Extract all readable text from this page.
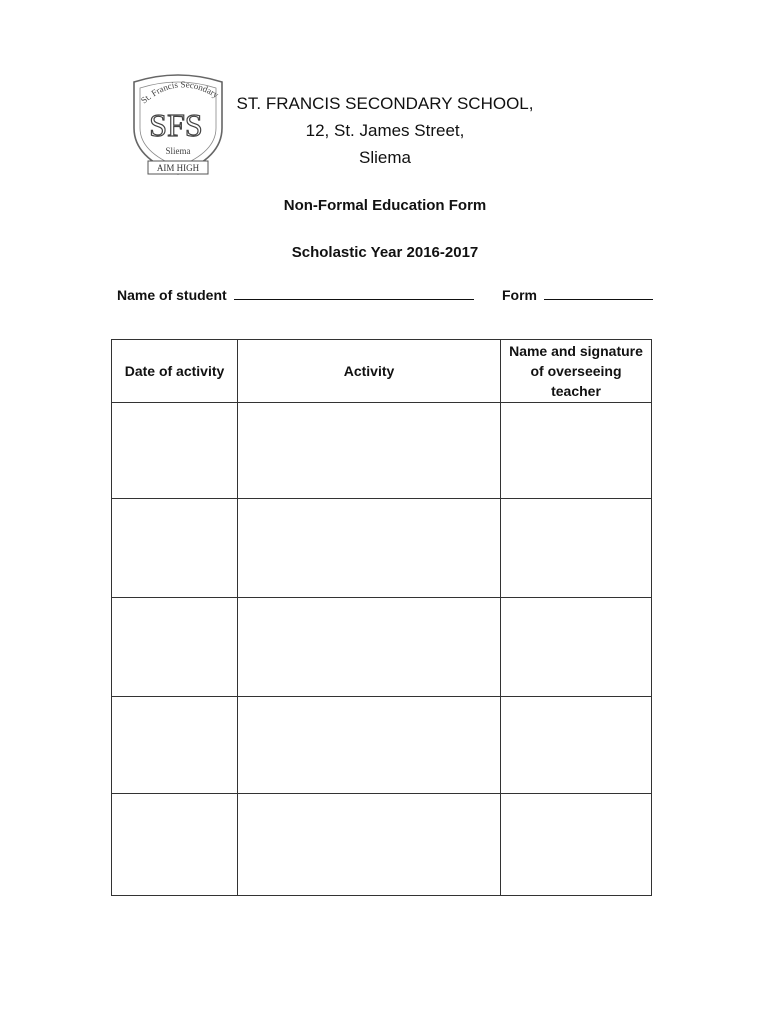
St. Francis Secondary
SFS
Sliema
AIM HIGH
ST. FRANCIS SECONDARY SCHOOL,
12, St. James Street,
Sliema
Non-Formal Education Form
Scholastic Year 2016-2017
Name of student	Form
Date of activity	Activity	Name and signature of overseeing teacher
